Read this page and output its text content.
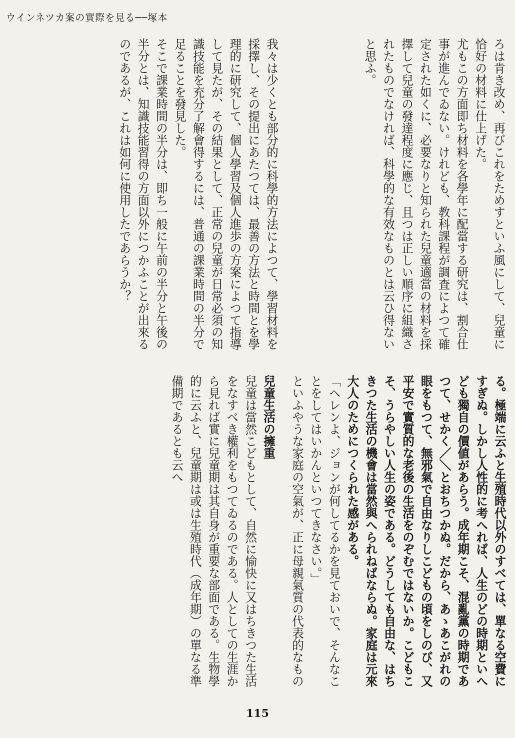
ウインネツカ案の實際を見る──塚本
ろは肯き改め、再びこれをためすといふ風にして、兒童に恰好の材料に仕上げた。
尤もこの方面即ち材料を各學年に配當する研究は、割合仕事が進んでゐない。けれども、教科課程が調査によつて確定された如くに、必要なりと知られた兒童適當の材料を採擇して兒童の發達程度に應じ、且つは正しい順序に組織されたものでなければ、科學的な有效なものとは云ひ得ないと思ふ。
我々は少くとも部分的に科學的方法によつて、學習材料を採擇し、その提出にあたつては、最善の方法と時間とを學理的に研究して、個人學習及個人進歩の方案によつて指導して見たが、その結果として、正常の兒童が日常必須の知識技能を充分了解會得するには、普通の課業時間の半分で足ることを發見した。
そこで課業時間の半分は、即ち一般に午前の半分と午後の半分とは、知識技能習得の方面以外につかふことが出來るのであるが、これは如何に使用したであらうか？
る。極端に云ふと生殖時代以外のすべては、單なる空費にすぎぬ。しかし人性的に考へれば、人生のどの時期といへども獨自の價値があらう。成年期こそ、混亂黨の時期であつて、せかく／＼とおちつかぬ。だから、あゝあこがれの眼をもつて、無邪氣で自由なりしこどもの頃をしのび、又平安で實質的な老後の生活をのぞむではないか。こどもこそ、うらやしい人生の姿である。どうしても自由な、はちきつた生活の機會は當然與へられねばならぬ。家庭は元來大人のためにつくられた感がある。
「ヘレンよ、ジョンが何してるかを見ておいで、そんなことをしてはいかんといつてきなさい。」
といふやうな家庭の空氣が、正に母親氣質の代表的なもの
兒童生活の擁重
兒童は當然こどもとして、自然に愉快に又はちきつた生活をなすべき權利をもつてゐるのである。人としての生涯から見れば實に兒童期は其自身が重要な部面である。生物學的に云ふと、兒童期は或は生殖時代（成年期）の單なる準備期であるとも云へ
115
